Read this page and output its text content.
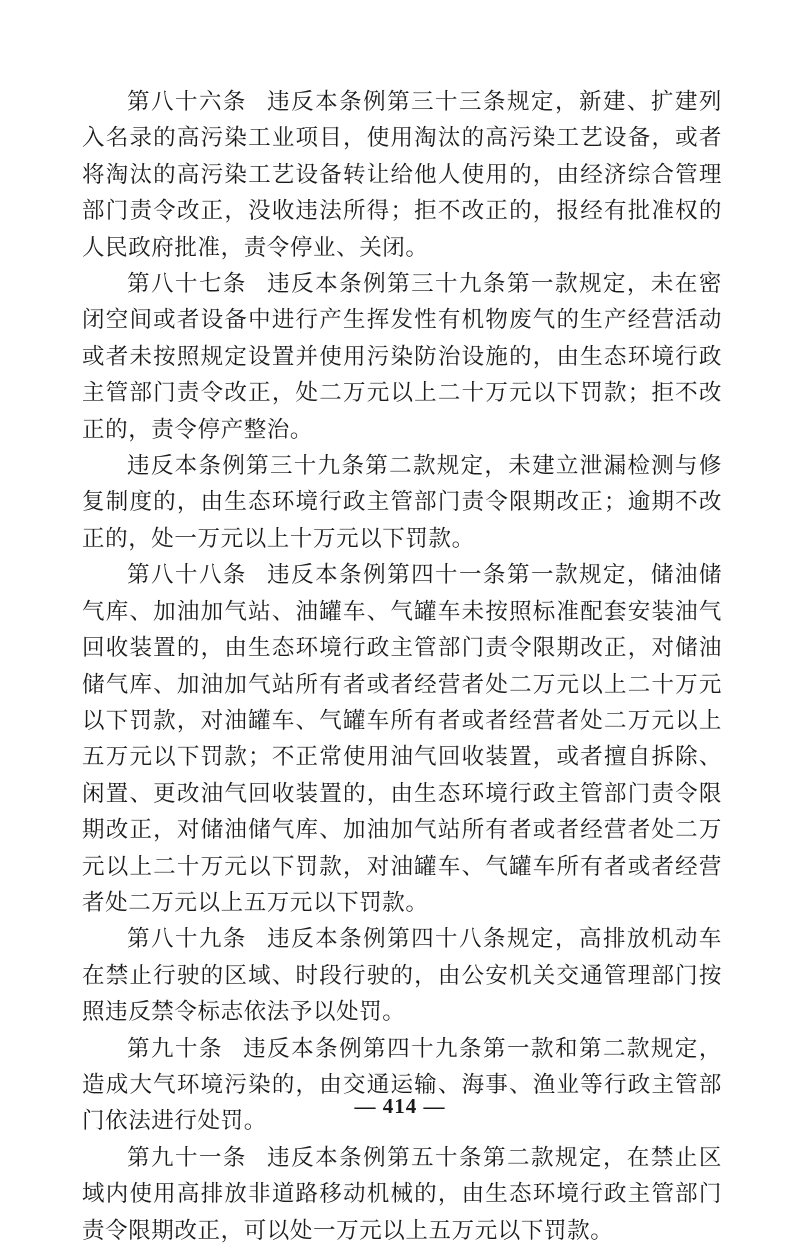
第八十六条 违反本条例第三十三条规定，新建、扩建列入名录的高污染工业项目，使用淘汰的高污染工艺设备，或者将淘汰的高污染工艺设备转让给他人使用的，由经济综合管理部门责令改正，没收违法所得；拒不改正的，报经有批准权的人民政府批准，责令停业、关闭。

第八十七条 违反本条例第三十九条第一款规定，未在密闭空间或者设备中进行产生挥发性有机物废气的生产经营活动或者未按照规定设置并使用污染防治设施的，由生态环境行政主管部门责令改正，处二万元以上二十万元以下罚款；拒不改正的，责令停产整治。

违反本条例第三十九条第二款规定，未建立泄漏检测与修复制度的，由生态环境行政主管部门责令限期改正；逾期不改正的，处一万元以上十万元以下罚款。

第八十八条 违反本条例第四十一条第一款规定，储油储气库、加油加气站、油罐车、气罐车未按照标准配套安装油气回收装置的，由生态环境行政主管部门责令限期改正，对储油储气库、加油加气站所有者或者经营者处二万元以上二十万元以下罚款，对油罐车、气罐车所有者或者经营者处二万元以上五万元以下罚款；不正常使用油气回收装置，或者擅自拆除、闲置、更改油气回收装置的，由生态环境行政主管部门责令限期改正，对储油储气库、加油加气站所有者或者经营者处二万元以上二十万元以下罚款，对油罐车、气罐车所有者或者经营者处二万元以上五万元以下罚款。

第八十九条 违反本条例第四十八条规定，高排放机动车在禁止行驶的区域、时段行驶的，由公安机关交通管理部门按照违反禁令标志依法予以处罚。

第九十条 违反本条例第四十九条第一款和第二款规定，造成大气环境污染的，由交通运输、海事、渔业等行政主管部门依法进行处罚。

第九十一条 违反本条例第五十条第二款规定，在禁止区域内使用高排放非道路移动机械的，由生态环境行政主管部门责令限期改正，可以处一万元以上五万元以下罚款。

— 414 —
